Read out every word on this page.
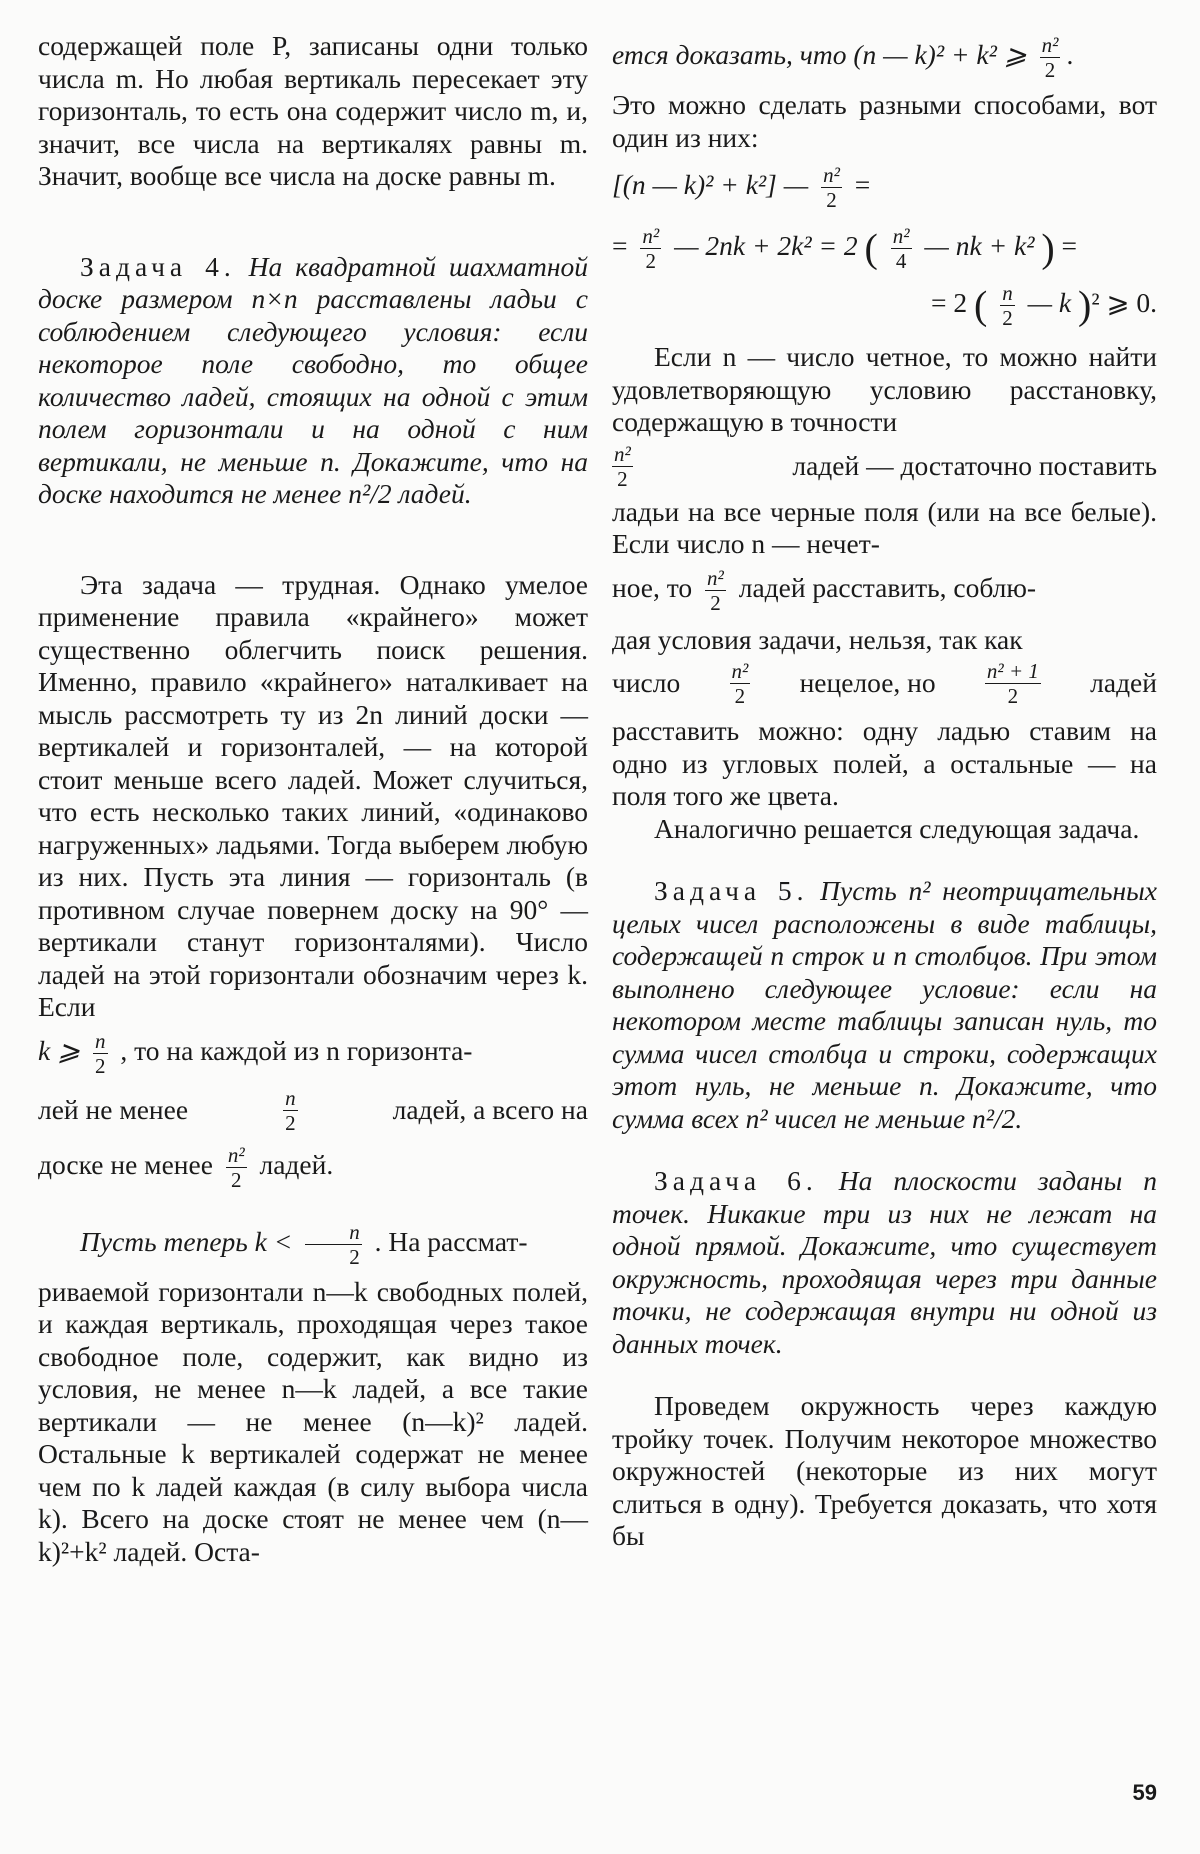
содержащей поле P, записаны одни только числа m. Но любая вертикаль пересекает эту горизонталь, то есть она содержит число m, и, значит, все числа на вертикалях равны m. Значит, вообще все числа на доске равны m.

Задача 4. На квадратной шахматной доске размером n×n расставлены ладьи с соблюдением следующего условия: если некоторое поле свободно, то общее количество ладей, стоящих на одной с этим полем горизонтали и на одной с ним вертикали, не меньше n. Докажите, что на доске находится не менее n²/2 ладей.

Эта задача — трудная. Однако умелое применение правила «крайнего» может существенно облегчить поиск решения. Именно, правило «крайнего» наталкивает на мысль рассмотреть ту из 2n линий доски — вертикалей и горизонталей, — на которой стоит меньше всего ладей. Может случиться, что есть несколько таких линий, «одинаково нагруженных» ладьями. Тогда выберем любую из них. Пусть эта линия — горизонталь (в противном случае повернем доску на 90° — вертикали станут горизонталями). Число ладей на этой горизонтали обозначим через k. Если

k ⩾ $\frac{n}{2}$ , то на каждой из n горизонта-
лей не менее	$\frac{n}{2}$	ладей, а всего на
доске не менее $\frac{\text{n²}}{2}$ ладей.
Пусть теперь $k < \frac{n}{2}$ . На рассмат-

риваемой горизонтали n—k свободных полей, и каждая вертикаль, проходящая через такое свободное поле, содержит, как видно из условия, не менее n—k ладей, а все такие вертикали — не менее (n—k)² ладей. Остальные k вертикалей содержат не менее чем по k ладей каждая (в силу выбора числа k). Всего на доске стоят не менее чем (n—k)²+k² ладей. Оста-

ется доказать, что (n — k)² + k² ⩾ $\frac{\text{n²}}{2}$ .

Это можно сделать разными способами, вот один из них:

[(n — k)² + k²] — $\frac{\text{n²}}{2}$ =
= $\frac{\text{n²}}{2}$ — 2nk + 2k² = 2 ( $\frac{\text{n²}}{4}$ — nk + k² ) =
= 2 ( $\frac{n}{2}$ — k )² ⩾ 0.

Если n — число четное, то можно найти удовлетворяющую условию расстановку, содержащую в точности

$\frac{\text{n²}}{2}$	ладей — достаточно поставить

ладьи на все черные поля (или на все белые). Если число n — нечет-

ное, то $\frac{\text{n²}}{2}$ ладей расставить, соблю-

дая условия задачи, нельзя, так как

число $\frac{\text{n²}}{2}$ нецелое, но $\frac{\text{n² + 1}}{2}$ ладей

расставить можно: одну ладью ставим на одно из угловых полей, а остальные — на поля того же цвета.

Аналогично решается следующая задача.

Задача 5. Пусть n² неотрицательных целых чисел расположены в виде таблицы, содержащей n строк и n столбцов. При этом выполнено следующее условие: если на некотором месте таблицы записан нуль, то сумма чисел столбца и строки, содержащих этот нуль, не меньше n. Докажите, что сумма всех n² чисел не меньше n²/2.

Задача 6. На плоскости заданы n точек. Никакие три из них не лежат на одной прямой. Докажите, что существует окружность, проходящая через три данные точки, не содержащая внутри ни одной из данных точек.

Проведем окружность через каждую тройку точек. Получим некоторое множество окружностей (некоторые из них могут слиться в одну). Требуется доказать, что хотя бы

59
